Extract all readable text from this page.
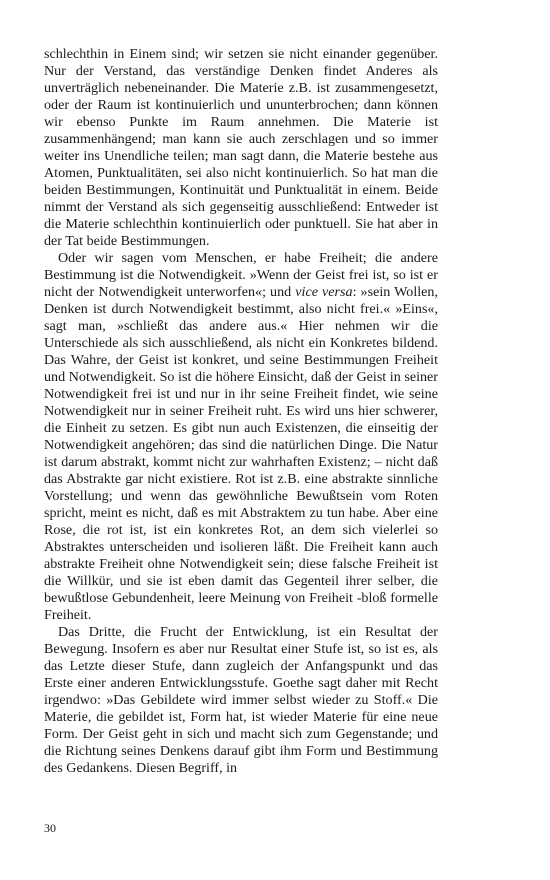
schlechthin in Einem sind; wir setzen sie nicht einander gegenüber. Nur der Verstand, das verständige Denken findet Anderes als unverträglich nebeneinander. Die Materie z.B. ist zusammengesetzt, oder der Raum ist kontinuierlich und ununterbrochen; dann können wir ebenso Punkte im Raum annehmen. Die Materie ist zusammenhängend; man kann sie auch zerschlagen und so immer weiter ins Unendliche teilen; man sagt dann, die Materie bestehe aus Atomen, Punktualitäten, sei also nicht kontinuierlich. So hat man die beiden Bestimmungen, Kontinuität und Punktualität in einem. Beide nimmt der Verstand als sich gegenseitig ausschließend: Entweder ist die Materie schlechthin kontinuierlich oder punktuell. Sie hat aber in der Tat beide Bestimmungen.

Oder wir sagen vom Menschen, er habe Freiheit; die andere Bestimmung ist die Notwendigkeit. »Wenn der Geist frei ist, so ist er nicht der Notwendigkeit unterworfen«; und vice versa: »sein Wollen, Denken ist durch Notwendigkeit bestimmt, also nicht frei.« »Eins«, sagt man, »schließt das andere aus.« Hier nehmen wir die Unterschiede als sich ausschließend, als nicht ein Konkretes bildend. Das Wahre, der Geist ist konkret, und seine Bestimmungen Freiheit und Notwendigkeit. So ist die höhere Einsicht, daß der Geist in seiner Notwendigkeit frei ist und nur in ihr seine Freiheit findet, wie seine Notwendigkeit nur in seiner Freiheit ruht. Es wird uns hier schwerer, die Einheit zu setzen. Es gibt nun auch Existenzen, die einseitig der Notwendigkeit angehören; das sind die natürlichen Dinge. Die Natur ist darum abstrakt, kommt nicht zur wahrhaften Existenz; – nicht daß das Abstrakte gar nicht existiere. Rot ist z.B. eine abstrakte sinnliche Vorstellung; und wenn das gewöhnliche Bewußtsein vom Roten spricht, meint es nicht, daß es mit Abstraktem zu tun habe. Aber eine Rose, die rot ist, ist ein konkretes Rot, an dem sich vielerlei so Abstraktes unterscheiden und isolieren läßt. Die Freiheit kann auch abstrakte Freiheit ohne Notwendigkeit sein; diese falsche Freiheit ist die Willkür, und sie ist eben damit das Gegenteil ihrer selber, die bewußtlose Gebundenheit, leere Meinung von Freiheit -bloß formelle Freiheit.

Das Dritte, die Frucht der Entwicklung, ist ein Resultat der Bewegung. Insofern es aber nur Resultat einer Stufe ist, so ist es, als das Letzte dieser Stufe, dann zugleich der Anfangspunkt und das Erste einer anderen Entwicklungsstufe. Goethe sagt daher mit Recht irgendwo: »Das Gebildete wird immer selbst wieder zu Stoff.« Die Materie, die gebildet ist, Form hat, ist wieder Materie für eine neue Form. Der Geist geht in sich und macht sich zum Gegenstande; und die Richtung seines Denkens darauf gibt ihm Form und Bestimmung des Gedankens. Diesen Begriff, in

30
